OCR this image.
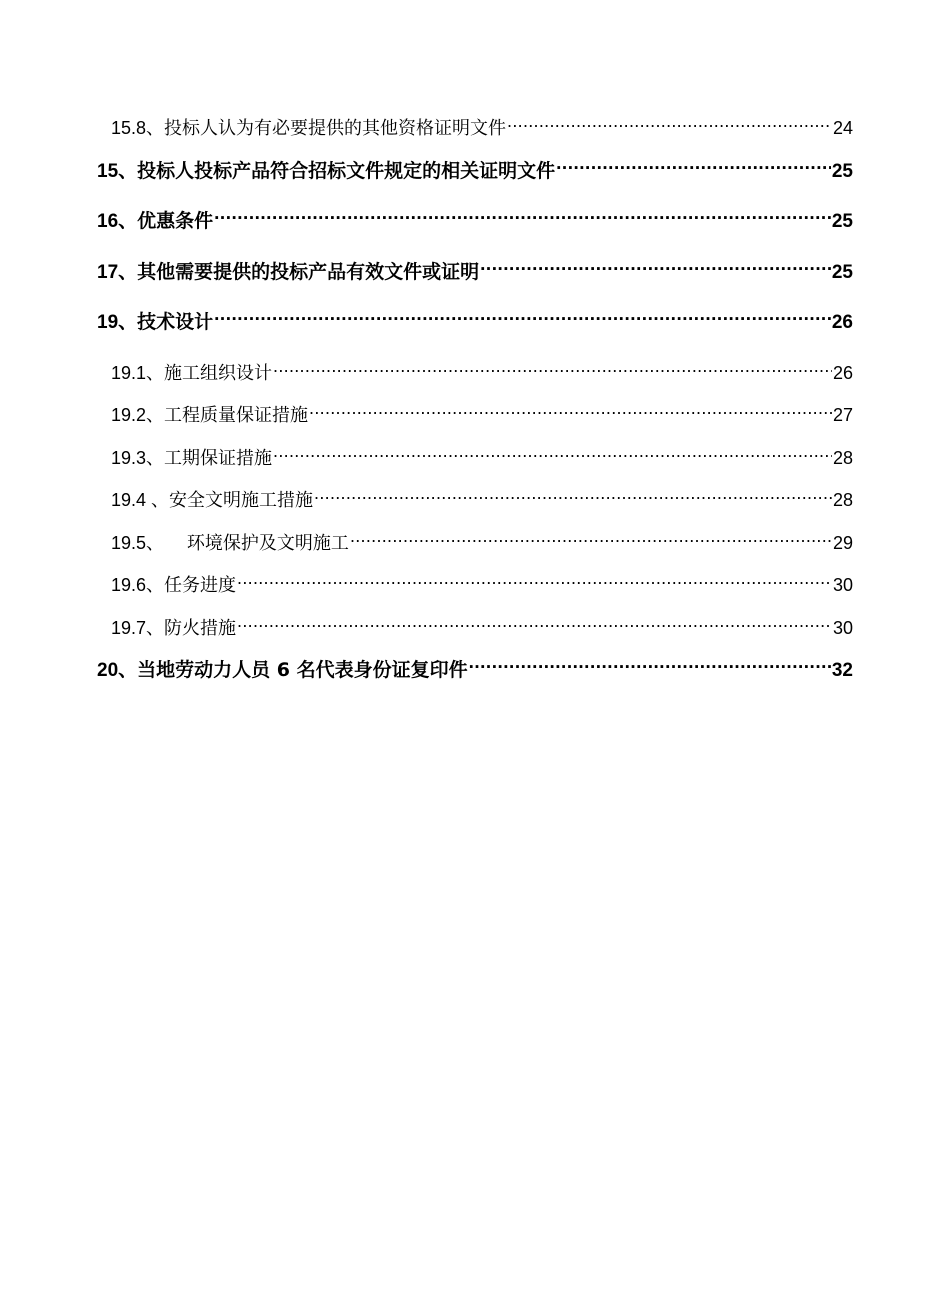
15.8、 投标人认为有必要提供的其他资格证明文件 .....	24
15、 投标人投标产品符合招标文件规定的相关证明文件 .....	25
16、 优惠条件 .....	25
17、 其他需要提供的投标产品有效文件或证明 .....	25
19、 技术设计 .....	26
19.1、 施工组织设计 .....	26
19.2、 工程质量保证措施 .....	27
19.3、 工期保证措施 .....	28
19.4 、 安全文明施工措施 .....	28
19.5、 环境保护及文明施工 .....	29
19.6、 任务进度 .....	30
19.7、 防火措施 .....	30
20、 当地劳动力人员 6 名代表身份证复印件 .....	32
